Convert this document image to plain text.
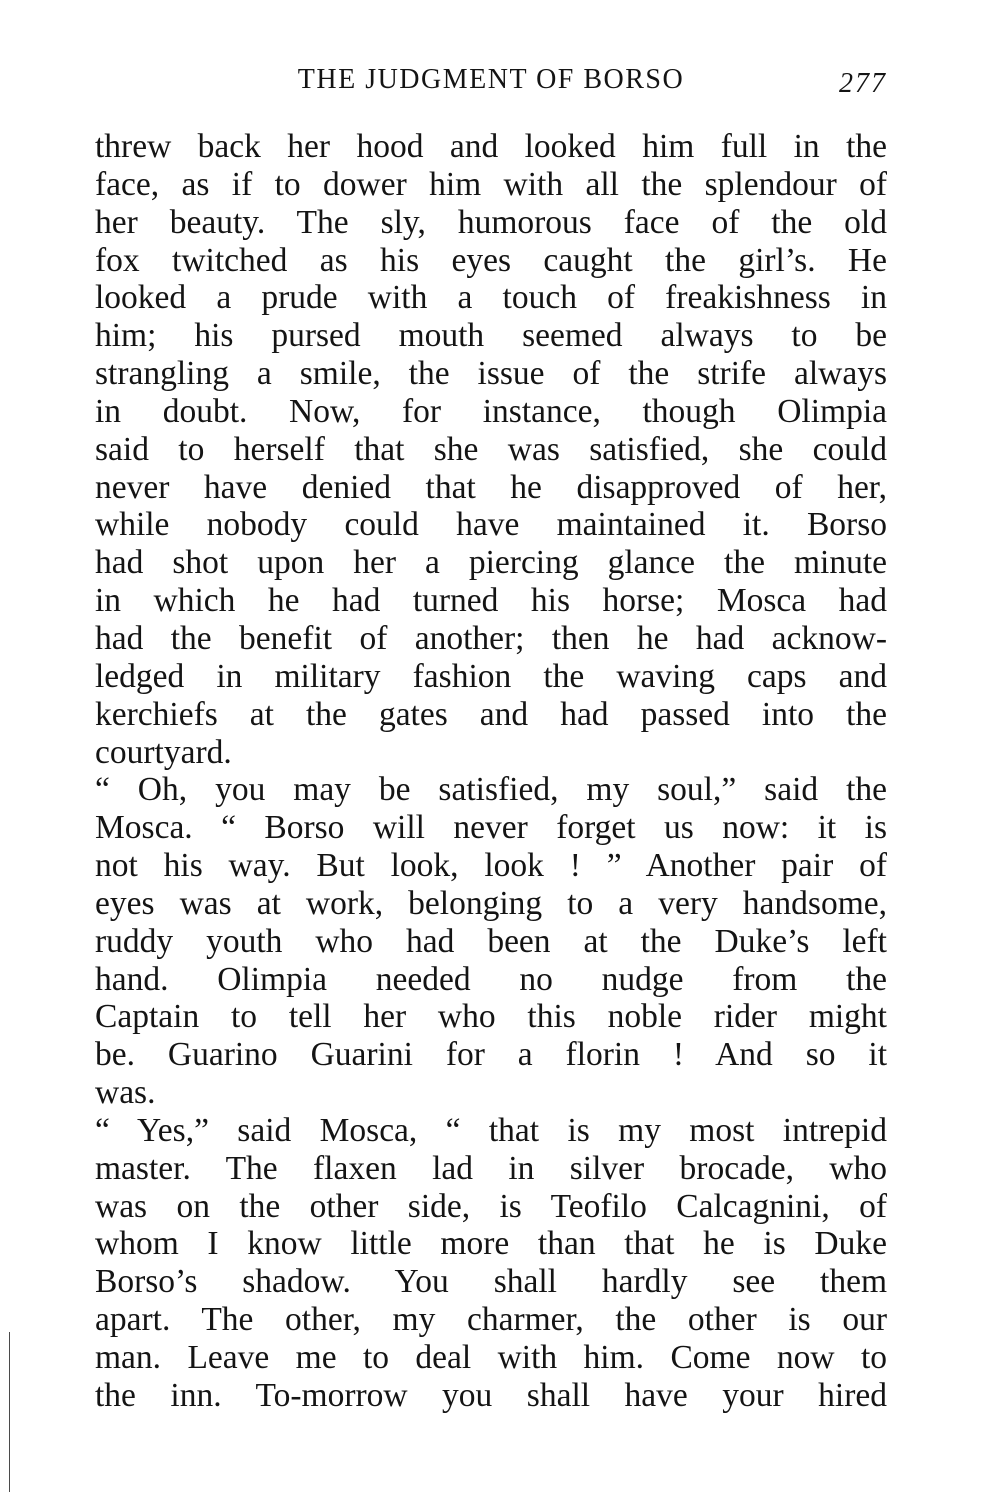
THE JUDGMENT OF BORSO	277
threw back her hood and looked him full in the
face, as if to dower him with all the splendour of
her beauty. The sly, humorous face of the old
fox twitched as his eyes caught the girl’s. He
looked a prude with a touch of freakishness in
him; his pursed mouth seemed always to be
strangling a smile, the issue of the strife always
in doubt. Now, for instance, though Olimpia
said to herself that she was satisfied, she could
never have denied that he disapproved of her,
while nobody could have maintained it. Borso
had shot upon her a piercing glance the minute
in which he had turned his horse; Mosca had
had the benefit of another; then he had acknow-
ledged in military fashion the waving caps and
kerchiefs at the gates and had passed into the
courtyard.
“ Oh, you may be satisfied, my soul,” said the
Mosca. “ Borso will never forget us now: it is
not his way. But look, look ! ” Another pair of
eyes was at work, belonging to a very handsome,
ruddy youth who had been at the Duke’s left
hand. Olimpia needed no nudge from the
Captain to tell her who this noble rider might
be. Guarino Guarini for a florin ! And so it
was.
“ Yes,” said Mosca, “ that is my most intrepid
master. The flaxen lad in silver brocade, who
was on the other side, is Teofilo Calcagnini, of
whom I know little more than that he is Duke
Borso’s shadow. You shall hardly see them
apart. The other, my charmer, the other is our
man. Leave me to deal with him. Come now to
the inn. To-morrow you shall have your hired
